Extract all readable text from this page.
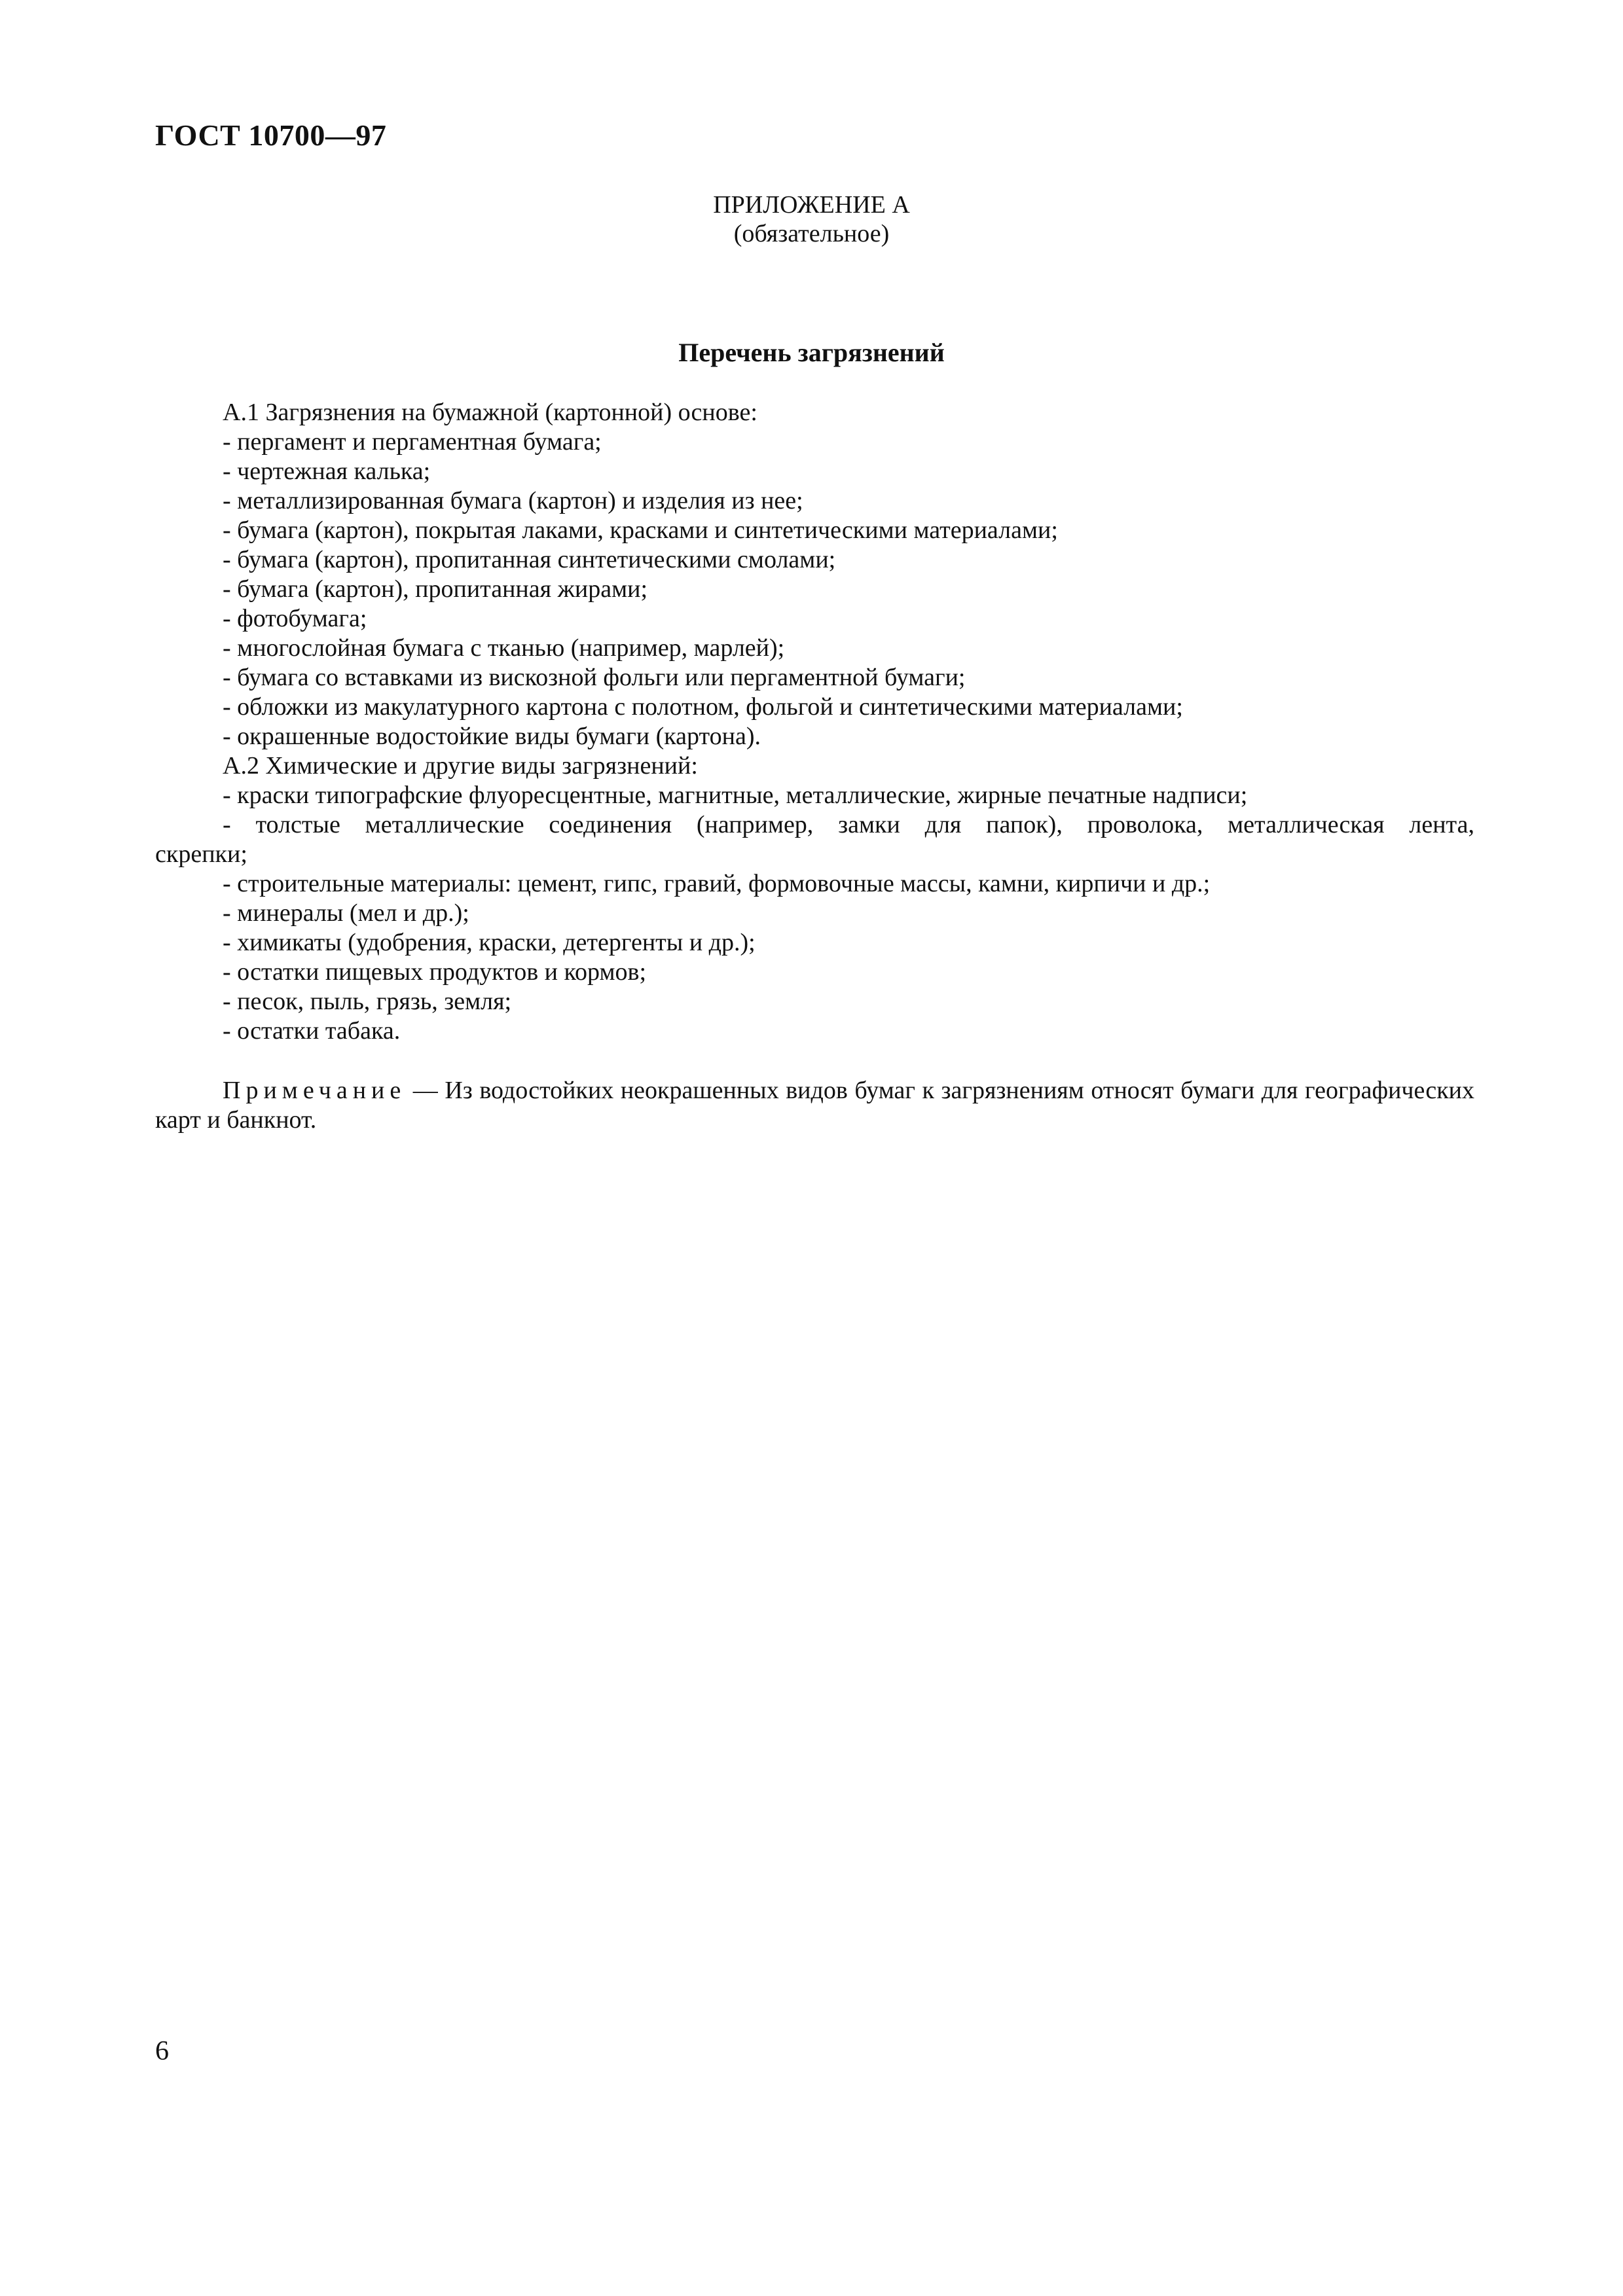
ГОСТ 10700—97
ПРИЛОЖЕНИЕ А
(обязательное)
Перечень загрязнений
А.1 Загрязнения на бумажной (картонной) основе:
- пергамент и пергаментная бумага;
- чертежная калька;
- металлизированная бумага (картон) и изделия из нее;
- бумага (картон), покрытая лаками, красками и синтетическими материалами;
- бумага (картон), пропитанная синтетическими смолами;
- бумага (картон), пропитанная жирами;
- фотобумага;
- многослойная бумага с тканью (например, марлей);
- бумага со вставками из вискозной фольги или пергаментной бумаги;
- обложки из макулатурного картона с полотном, фольгой и синтетическими материалами;
- окрашенные водостойкие виды бумаги (картона).
А.2 Химические и другие виды загрязнений:
- краски типографские флуоресцентные, магнитные, металлические, жирные печатные надписи;
- толстые металлические соединения (например, замки для папок), проволока, металлическая лента,
скрепки;
- строительные материалы: цемент, гипс, гравий, формовочные массы, камни, кирпичи и др.;
- минералы (мел и др.);
- химикаты (удобрения, краски, детергенты и др.);
- остатки пищевых продуктов и кормов;
- песок, пыль, грязь, земля;
- остатки табака.
Примечание — Из водостойких неокрашенных видов бумаг к загрязнениям относят бумаги для географических карт и банкнот.
6
